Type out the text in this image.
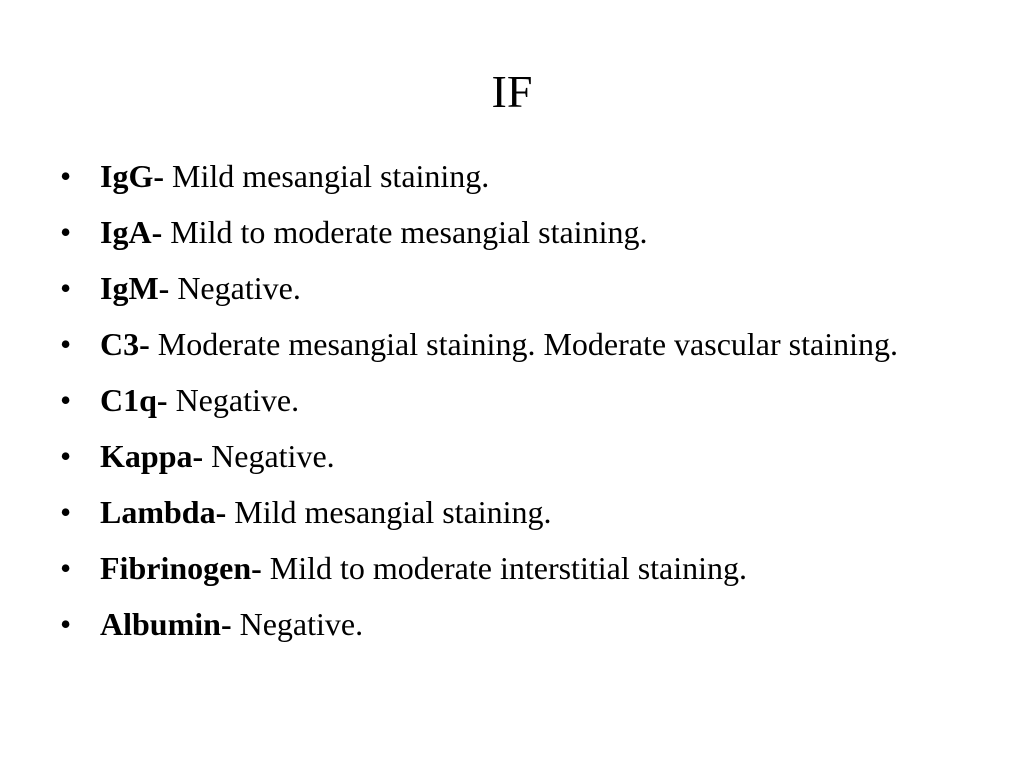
IF
• IgG- Mild mesangial staining.
• IgA- Mild to moderate mesangial staining.
• IgM- Negative.
• C3- Moderate mesangial staining. Moderate vascular staining.
• C1q- Negative.
• Kappa- Negative.
• Lambda- Mild mesangial staining.
• Fibrinogen- Mild to moderate interstitial staining.
• Albumin- Negative.
